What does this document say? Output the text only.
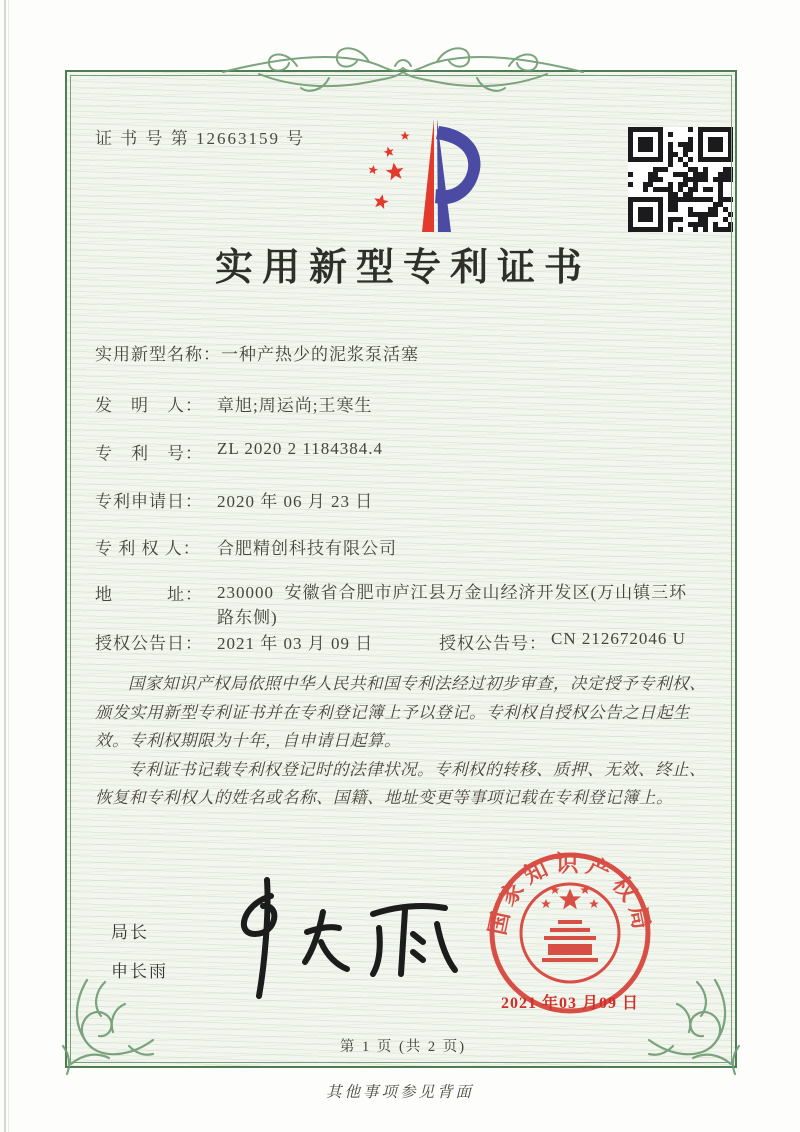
证 书 号 第 12663159 号
实用新型专利证书
实用新型名称：一种产热少的泥浆泵活塞
发　明　人： 章旭;周运尚;王寒生
专　利　号： ZL 2020 2 1184384.4
专利申请日： 2020 年 06 月 23 日
专 利 权 人： 合肥精创科技有限公司
地　　　址： 230000  安徽省合肥市庐江县万金山经济开发区(万山镇三环路东侧)
授权公告日： 2021 年 03 月 09 日	授权公告号： CN 212672046 U

国家知识产权局依照中华人民共和国专利法经过初步审查，决定授予专利权、颁发实用新型专利证书并在专利登记簿上予以登记。专利权自授权公告之日起生效。专利权期限为十年，自申请日起算。

专利证书记载专利权登记时的法律状况。专利权的转移、质押、无效、终止、恢复和专利权人的姓名或名称、国籍、地址变更等事项记载在专利登记簿上。

局长
申长雨
国家知识产权局
2021 年03 月09 日
第 1 页 (共 2 页)
其他事项参见背面
